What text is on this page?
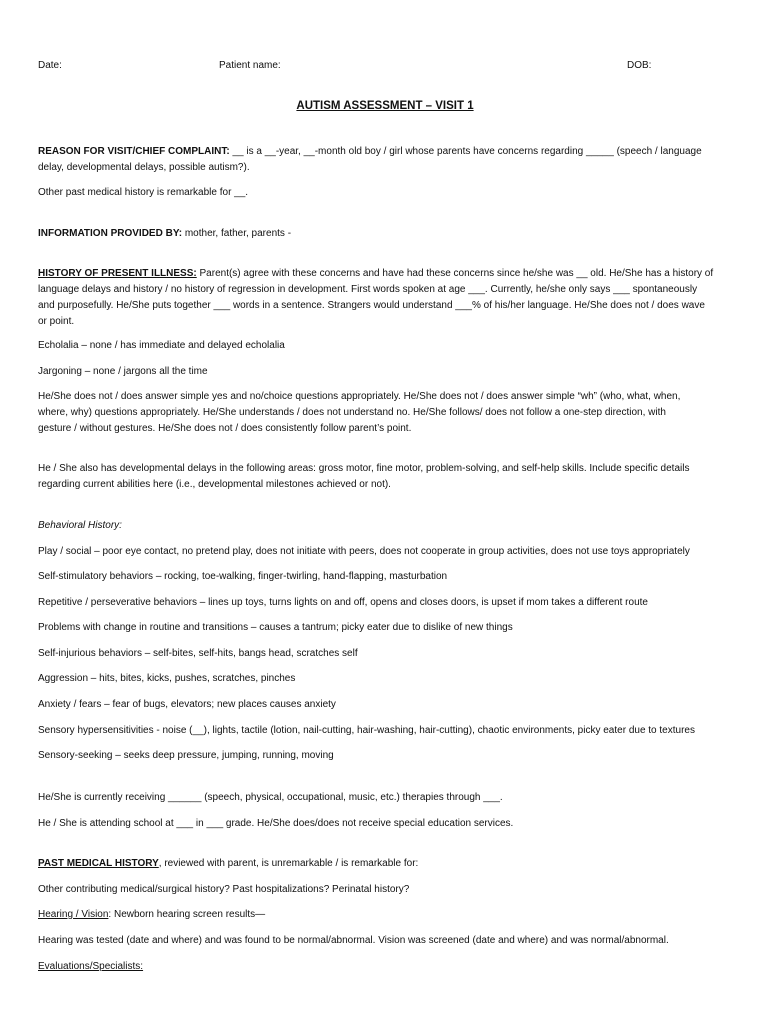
Date:	Patient name:	DOB:
AUTISM ASSESSMENT – VISIT 1
REASON FOR VISIT/CHIEF COMPLAINT: __ is a __-year, __-month old boy / girl whose parents have concerns regarding _____ (speech / language
delay, developmental delays, possible autism?).
Other past medical history is remarkable for __.
INFORMATION PROVIDED BY: mother, father, parents -
HISTORY OF PRESENT ILLNESS: Parent(s) agree with these concerns and have had these concerns since he/she was __ old. He/She has a history of
language delays and history / no history of regression in development. First words spoken at age ___. Currently, he/she only says ___ spontaneously
and purposefully. He/She puts together ___ words in a sentence. Strangers would understand ___% of his/her language. He/She does not / does wave
or point.
Echolalia – none / has immediate and delayed echolalia
Jargoning – none / jargons all the time
He/She does not / does answer simple yes and no/choice questions appropriately. He/She does not / does answer simple “wh” (who, what, when,
where, why) questions appropriately. He/She understands / does not understand no. He/She follows/ does not follow a one-step direction, with
gesture / without gestures. He/She does not / does consistently follow parent’s point.
He / She also has developmental delays in the following areas: gross motor, fine motor, problem-solving, and self-help skills. Include specific details
regarding current abilities here (i.e., developmental milestones achieved or not).
Behavioral History:
Play / social – poor eye contact, no pretend play, does not initiate with peers, does not cooperate in group activities, does not use toys appropriately
Self-stimulatory behaviors – rocking, toe-walking, finger-twirling, hand-flapping, masturbation
Repetitive / perseverative behaviors – lines up toys, turns lights on and off, opens and closes doors, is upset if mom takes a different route
Problems with change in routine and transitions – causes a tantrum; picky eater due to dislike of new things
Self-injurious behaviors – self-bites, self-hits, bangs head, scratches self
Aggression – hits, bites, kicks, pushes, scratches, pinches
Anxiety / fears – fear of bugs, elevators; new places causes anxiety
Sensory hypersensitivities - noise (__), lights, tactile (lotion, nail-cutting, hair-washing, hair-cutting), chaotic environments, picky eater due to textures
Sensory-seeking – seeks deep pressure, jumping, running, moving
He/She is currently receiving ______ (speech, physical, occupational, music, etc.) therapies through ___.
He / She is attending school at ___ in ___ grade. He/She does/does not receive special education services.
PAST MEDICAL HISTORY, reviewed with parent, is unremarkable / is remarkable for:
Other contributing medical/surgical history? Past hospitalizations? Perinatal history?
Hearing / Vision: Newborn hearing screen results—
Hearing was tested (date and where) and was found to be normal/abnormal. Vision was screened (date and where) and was normal/abnormal.
Evaluations/Specialists:
